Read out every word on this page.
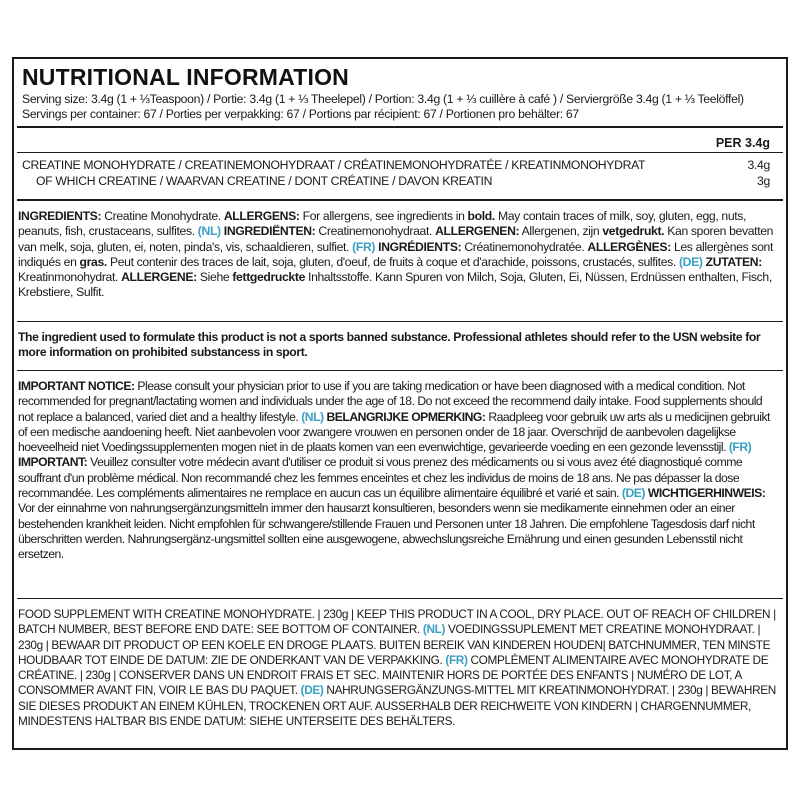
NUTRITIONAL INFORMATION
Serving size: 3.4g (1 + ⅓Teaspoon) / Portie: 3.4g (1 + ⅓ Theelepel) / Portion: 3.4g (1 + ⅓ cuillère à café ) / Serviergröße 3.4g (1 + ⅓ Teelöffel)
Servings per container: 67 / Porties per verpakking: 67 / Portions par récipient: 67 / Portionen pro behälter: 67
PER 3.4g
CREATINE MONOHYDRATE / CREATINEMONOHYDRAAT / CRÉATINEMONOHYDRATÉE / KREATINMONOHYDRAT	3.4g
OF WHICH CREATINE / WAARVAN CREATINE / DONT CRÉATINE / DAVON KREATIN	3g
INGREDIENTS: Creatine Monohydrate. ALLERGENS: For allergens, see ingredients in bold. May contain traces of milk, soy, gluten, egg, nuts, peanuts, fish, crustaceans, sulfites. (NL) INGREDIËNTEN: Creatinemonohydraat. ALLERGENEN: Allergenen, zijn vetgedrukt. Kan sporen bevatten van melk, soja, gluten, ei, noten, pinda's, vis, schaaldieren, sulfiet. (FR) INGRÉDIENTS: Créatinemonohydratée. ALLERGÈNES: Les allergènes sont indiqués en gras. Peut contenir des traces de lait, soja, gluten, d'oeuf, de fruits à coque et d'arachide, poissons, crustacés, sulfites. (DE) ZUTATEN: Kreatinmonohydrat. ALLERGENE: Siehe fettgedruckte Inhaltsstoffe. Kann Spuren von Milch, Soja, Gluten, Ei, Nüssen, Erdnüssen enthalten, Fisch, Krebstiere, Sulfit.
The ingredient used to formulate this product is not a sports banned substance. Professional athletes should refer to the USN website for more information on prohibited substancess in sport.
IMPORTANT NOTICE: Please consult your physician prior to use if you are taking medication or have been diagnosed with a medical condition. Not recommended for pregnant/lactating women and individuals under the age of 18. Do not exceed the recommend daily intake. Food supplements should not replace a balanced, varied diet and a healthy lifestyle. (NL) BELANGRIJKE OPMERKING: Raadpleeg voor gebruik uw arts als u medicijnen gebruikt of een medische aandoening heeft. Niet aanbevolen voor zwangere vrouwen en personen onder de 18 jaar. Overschrijd de aanbevolen dagelijkse hoeveelheid niet Voedingssupplementen mogen niet in de plaats komen van een evenwichtige, gevarieerde voeding en een gezonde levensstijl. (FR) IMPORTANT: Veuillez consulter votre médecin avant d'utiliser ce produit si vous prenez des médicaments ou si vous avez été diagnostiqué comme souffrant d'un problème médical. Non recommandé chez les femmes enceintes et chez les individus de moins de 18 ans. Ne pas dépasser la dose recommandée. Les compléments alimentaires ne remplace en aucun cas un équilibre alimentaire équilibré et varié et sain. (DE) WICHTIGERHINWEIS: Vor der einnahme von nahrungsergänzungsmitteln immer den hausarzt konsultieren, besonders wenn sie medikamente einnehmen oder an einer bestehenden krankheit leiden. Nicht empfohlen für schwangere/stillende Frauen und Personen unter 18 Jahren. Die empfohlene Tagesdosis darf nicht überschritten werden. Nahrungsergänz-ungsmittel sollten eine ausgewogene, abwechslungsreiche Ernährung und einen gesunden Lebensstil nicht ersetzen.
FOOD SUPPLEMENT WITH CREATINE MONOHYDRATE. | 230g | KEEP THIS PRODUCT IN A COOL, DRY PLACE. OUT OF REACH OF CHILDREN | BATCH NUMBER, BEST BEFORE END DATE: SEE BOTTOM OF CONTAINER. (NL) VOEDINGSSUPLEMENT MET CREATINE MONOHYDRAAT. | 230g | BEWAAR DIT PRODUCT OP EEN KOELE EN DROGE PLAATS. BUITEN BEREIK VAN KINDEREN HOUDEN| BATCHNUMMER, TEN MINSTE HOUDBAAR TOT EINDE DE DATUM: ZIE DE ONDERKANT VAN DE VERPAKKING. (FR) COMPLÉMENT ALIMENTAIRE AVEC MONOHYDRATE DE CRÉATINE. | 230g | CONSERVER DANS UN ENDROIT FRAIS ET SEC. MAINTENIR HORS DE PORTÉE DES ENFANTS | NUMÉRO DE LOT, A CONSOMMER AVANT FIN, VOIR LE BAS DU PAQUET. (DE) NAHRUNGSERGÄNZUNGS-MITTEL MIT KREATINMONOHYDRAT. | 230g | BEWAHREN SIE DIESES PRODUKT AN EINEM KÜHLEN, TROCKENEN ORT AUF. AUSSERHALB DER REICHWEITE VON KINDERN | CHARGENNUMMER, MINDESTENS HALTBAR BIS ENDE DATUM: SIEHE UNTERSEITE DES BEHÄLTERS.
